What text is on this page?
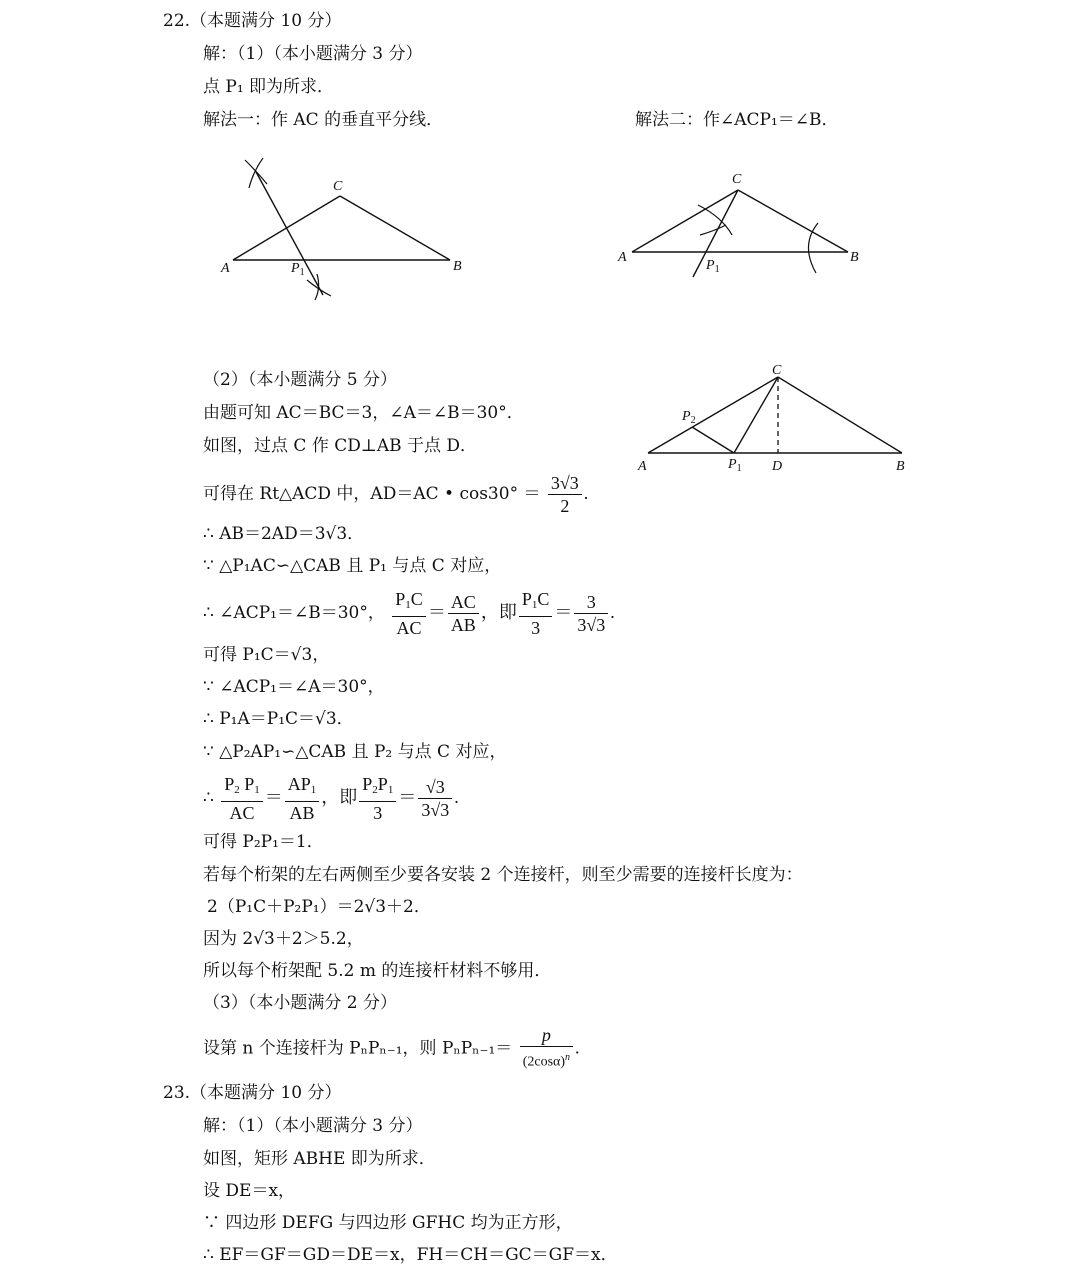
22.（本题满分 10 分）
解：（1）（本小题满分 3 分）
点 P₁ 即为所求．
解法一：作 AC 的垂直平分线．	解法二：作∠ACP₁＝∠B．
A
C
B
$P_1$
A
C
B
$P_1$
（2）（本小题满分 5 分）
A
C
B
D
$P_1$
$P_2$
由题可知 AC＝BC＝3，∠A＝∠B＝30°．
如图，过点 C 作 CD⊥AB 于点 D．
可得在 Rt△ACD 中，AD＝AC • $\cos 30^\circ = \frac{3√3}{2}$ .
∴ AB＝2AD＝3√3．
∵ △P₁AC∽△CAB 且 P₁ 与点 C 对应，
∴ ∠ACP₁＝∠B＝30°， $\frac{P_1C}{AC} = \frac{AC}{AB}$ ，即 $\frac{P_1C}{3} = \frac{3}{3√3}$ .
可得 P₁C＝√3，
∵ ∠ACP₁＝∠A＝30°，
∴ P₁A＝P₁C＝√3．
∵ △P₂AP₁∽△CAB 且 P₂ 与点 C 对应，
∴ $\frac{P_2 P_1}{AC} = \frac{AP_1}{AB}$ ，即 $\frac{P_2P_1}{3} = \frac{√3}{3√3}$ .
可得 P₂P₁＝1．
若每个桁架的左右两侧至少要各安装 2 个连接杆，则至少需要的连接杆长度为：
2（P₁C＋P₂P₁）＝2√3＋2．
因为 2√3＋2＞5.2，
所以每个桁架配 5.2 m 的连接杆材料不够用．
（3）（本小题满分 2 分）
设第 n 个连接杆为 PₙPₙ₋₁，则 $P_nP_{n-1}= \frac{p}{(2\cos\alpha)^n}$ .
23.（本题满分 10 分）
解：（1）（本小题满分 3 分）
如图，矩形 ABHE 即为所求．
设 DE＝x，
∵ 四边形 DEFG 与四边形 GFHC 均为正方形，
∴ EF＝GF＝GD＝DE＝x，FH＝CH＝GC＝GF＝x．
